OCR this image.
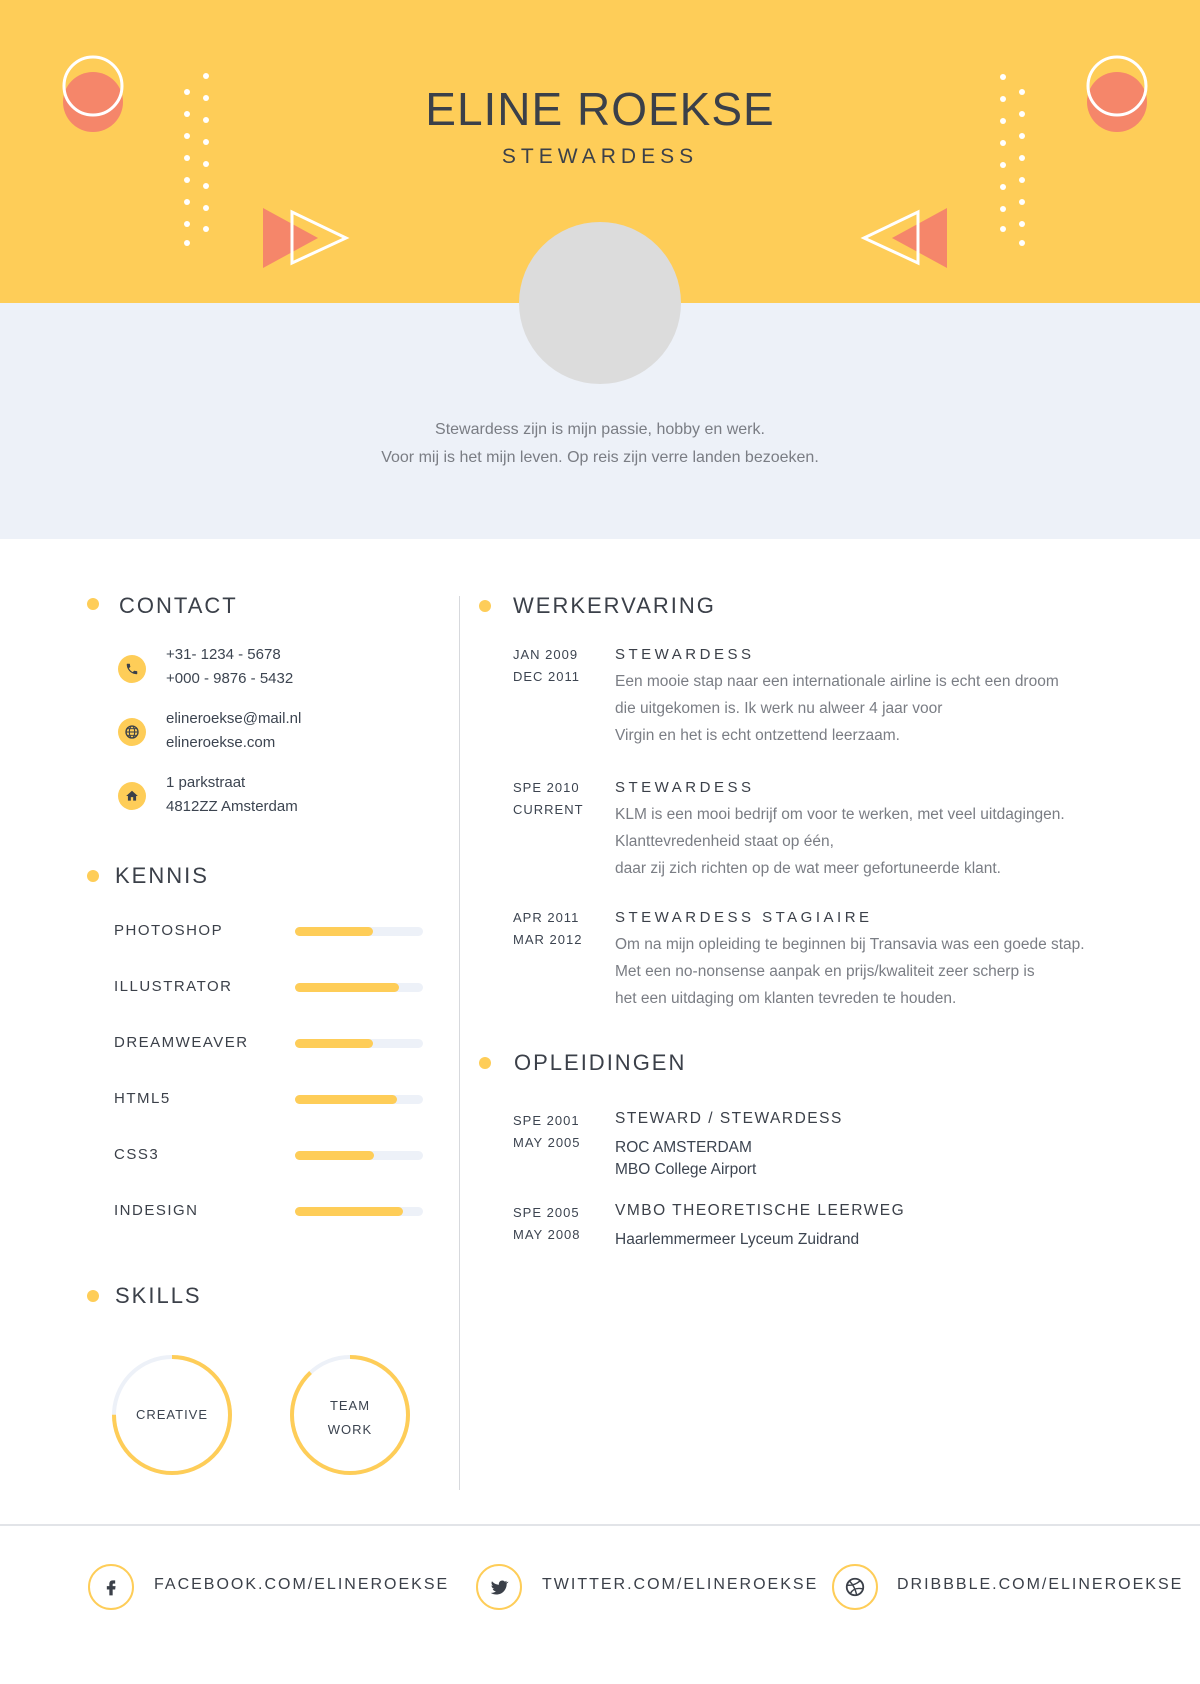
ELINE ROEKSE
STEWARDESS
Stewardess zijn is mijn passie, hobby en werk.
Voor mij is het mijn leven. Op reis zijn verre landen bezoeken.
CONTACT
+31- 1234 - 5678
+000 - 9876 - 5432
elineroekse@mail.nl
elineroekse.com
1 parkstraat
4812ZZ Amsterdam
KENNIS
PHOTOSHOP
ILLUSTRATOR
DREAMWEAVER
HTML5
CSS3
INDESIGN
SKILLS
CREATIVE
TEAM
WORK
WERKERVARING
JAN 2009
DEC 2011
STEWARDESS
Een mooie stap naar een internationale airline is echt een droom
die uitgekomen is. Ik werk nu alweer 4 jaar voor
Virgin en het is echt ontzettend leerzaam.
SPE 2010
CURRENT
STEWARDESS
KLM is een mooi bedrijf om voor te werken, met veel uitdagingen.
Klanttevredenheid staat op één,
daar zij zich richten op de wat meer gefortuneerde klant.
APR 2011
MAR 2012
STEWARDESS STAGIAIRE
Om na mijn opleiding te beginnen bij Transavia was een goede stap.
Met een no-nonsense aanpak en prijs/kwaliteit zeer scherp is
het een uitdaging om klanten tevreden te houden.
OPLEIDINGEN
SPE 2001
MAY 2005
STEWARD / STEWARDESS
ROC AMSTERDAM
MBO College Airport
SPE 2005
MAY 2008
VMBO THEORETISCHE LEERWEG
Haarlemmermeer Lyceum Zuidrand
FACEBOOK.COM/ELINEROEKSE	TWITTER.COM/ELINEROEKSE	DRIBBBLE.COM/ELINEROEKSE
